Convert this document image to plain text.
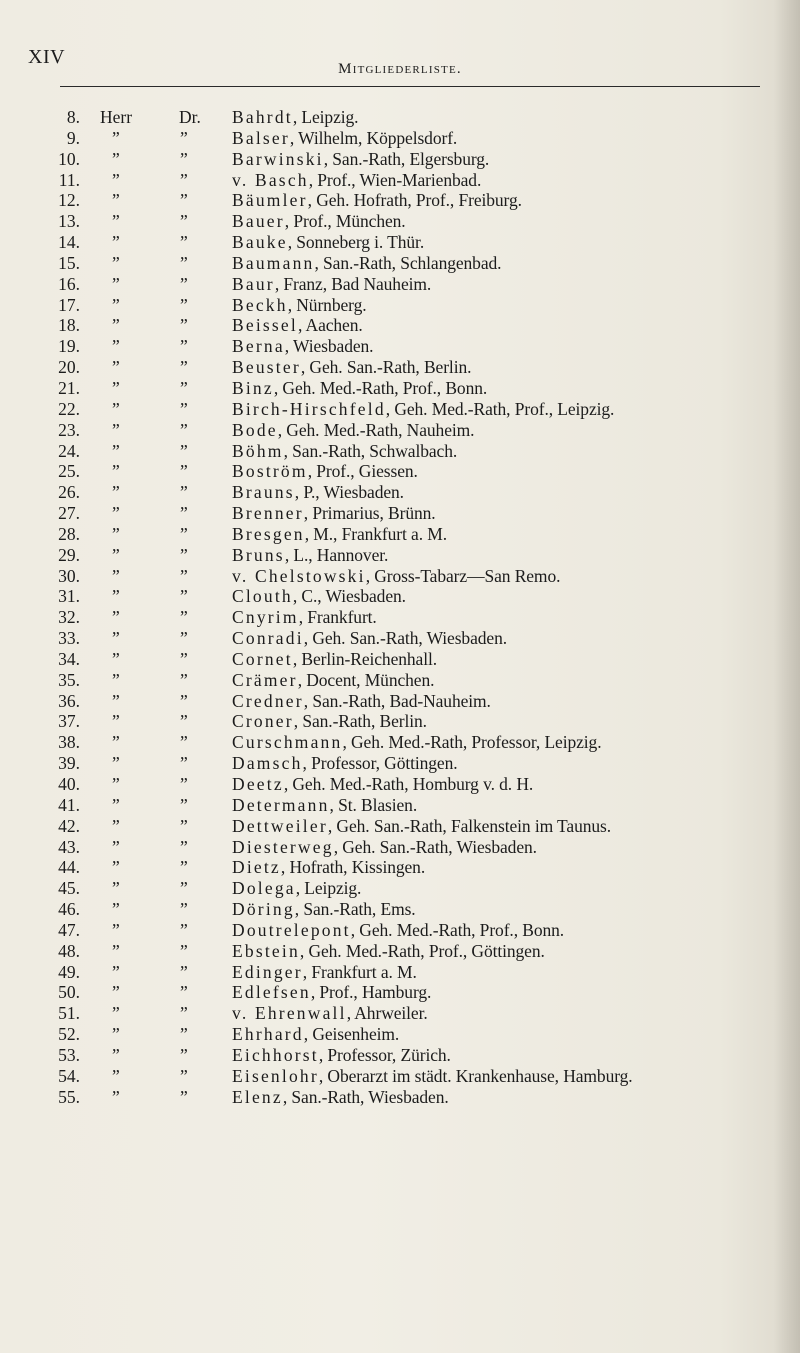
XIV
Mitgliederliste.
8. Herr	Dr. Bahrdt, Leipzig.
9. ”	”	Balser, Wilhelm, Köppelsdorf.
10. ”	”	Barwinski, San.-Rath, Elgersburg.
11. ”	”	v. Basch, Prof., Wien-Marienbad.
12. ”	”	Bäumler, Geh. Hofrath, Prof., Freiburg.
13. ”	”	Bauer, Prof., München.
14. ”	”	Bauke, Sonneberg i. Thür.
15. ”	”	Baumann, San.-Rath, Schlangenbad.
16. ”	”	Baur, Franz, Bad Nauheim.
17. ”	”	Beckh, Nürnberg.
18. ”	”	Beissel, Aachen.
19. ”	”	Berna, Wiesbaden.
20. ”	”	Beuster, Geh. San.-Rath, Berlin.
21. ”	”	Binz, Geh. Med.-Rath, Prof., Bonn.
22. ”	”	Birch-Hirschfeld, Geh. Med.-Rath, Prof., Leipzig.
23. ”	”	Bode, Geh. Med.-Rath, Nauheim.
24. ”	”	Böhm, San.-Rath, Schwalbach.
25. ”	”	Boström, Prof., Giessen.
26. ”	”	Brauns, P., Wiesbaden.
27. ”	”	Brenner, Primarius, Brünn.
28. ”	”	Bresgen, M., Frankfurt a. M.
29. ”	”	Bruns, L., Hannover.
30. ”	”	v. Chelstowski, Gross-Tabarz—San Remo.
31. ”	”	Clouth, C., Wiesbaden.
32. ”	”	Cnyrim, Frankfurt.
33. ”	”	Conradi, Geh. San.-Rath, Wiesbaden.
34. ”	”	Cornet, Berlin-Reichenhall.
35. ”	”	Crämer, Docent, München.
36. ”	”	Credner, San.-Rath, Bad-Nauheim.
37. ”	”	Croner, San.-Rath, Berlin.
38. ”	”	Curschmann, Geh. Med.-Rath, Professor, Leipzig.
39. ”	”	Damsch, Professor, Göttingen.
40. ”	”	Deetz, Geh. Med.-Rath, Homburg v. d. H.
41. ”	”	Determann, St. Blasien.
42. ”	”	Dettweiler, Geh. San.-Rath, Falkenstein im Taunus.
43. ”	”	Diesterweg, Geh. San.-Rath, Wiesbaden.
44. ”	”	Dietz, Hofrath, Kissingen.
45. ”	”	Dolega, Leipzig.
46. ”	”	Döring, San.-Rath, Ems.
47. ”	”	Doutrelepont, Geh. Med.-Rath, Prof., Bonn.
48. ”	”	Ebstein, Geh. Med.-Rath, Prof., Göttingen.
49. ”	”	Edinger, Frankfurt a. M.
50. ”	”	Edlefsen, Prof., Hamburg.
51. ”	”	v. Ehrenwall, Ahrweiler.
52. ”	”	Ehrhard, Geisenheim.
53. ”	”	Eichhorst, Professor, Zürich.
54. ”	”	Eisenlohr, Oberarzt im städt. Krankenhause, Hamburg.
55. ”	”	Elenz, San.-Rath, Wiesbaden.
